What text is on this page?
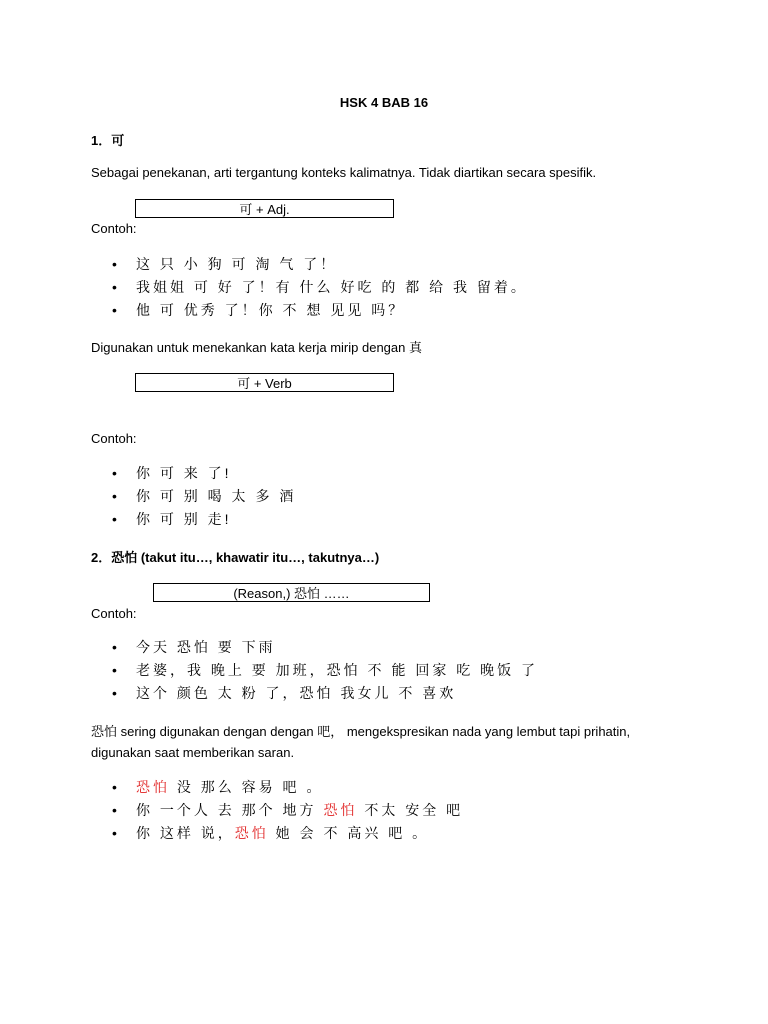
HSK 4 BAB 16
1．可
Sebagai penekanan, arti tergantung konteks kalimatnya. Tidak diartikan secara spesifik.
可 + Adj.
Contoh:
• 这 只 小 狗 可 淘 气 了！
• 我姐姐 可 好 了！有 什么 好吃 的 都 给 我 留着。
• 他 可 优秀 了！你 不 想 见见 吗？
Digunakan untuk menekankan kata kerja mirip dengan 真
可 + Verb
Contoh:
• 你 可 来 了!
• 你 可 别 喝 太 多 酒
• 你 可 别 走!
2．恐怕 (takut itu…, khawatir itu…, takutnya…)
(Reason,) 恐怕 ……
Contoh:
• 今天 恐怕 要 下雨
• 老婆，我 晚上 要 加班，恐怕 不 能 回家 吃 晚饭 了
• 这个 颜色 太 粉 了，恐怕 我女儿 不 喜欢
恐怕 sering digunakan dengan dengan 吧， mengekspresikan nada yang lembut tapi prihatin,
digunakan saat memberikan saran.
• 恐怕 没 那么 容易 吧 。
• 你 一个人 去 那个 地方 恐怕 不太 安全 吧
• 你 这样 说，恐怕 她 会 不 高兴 吧 。
